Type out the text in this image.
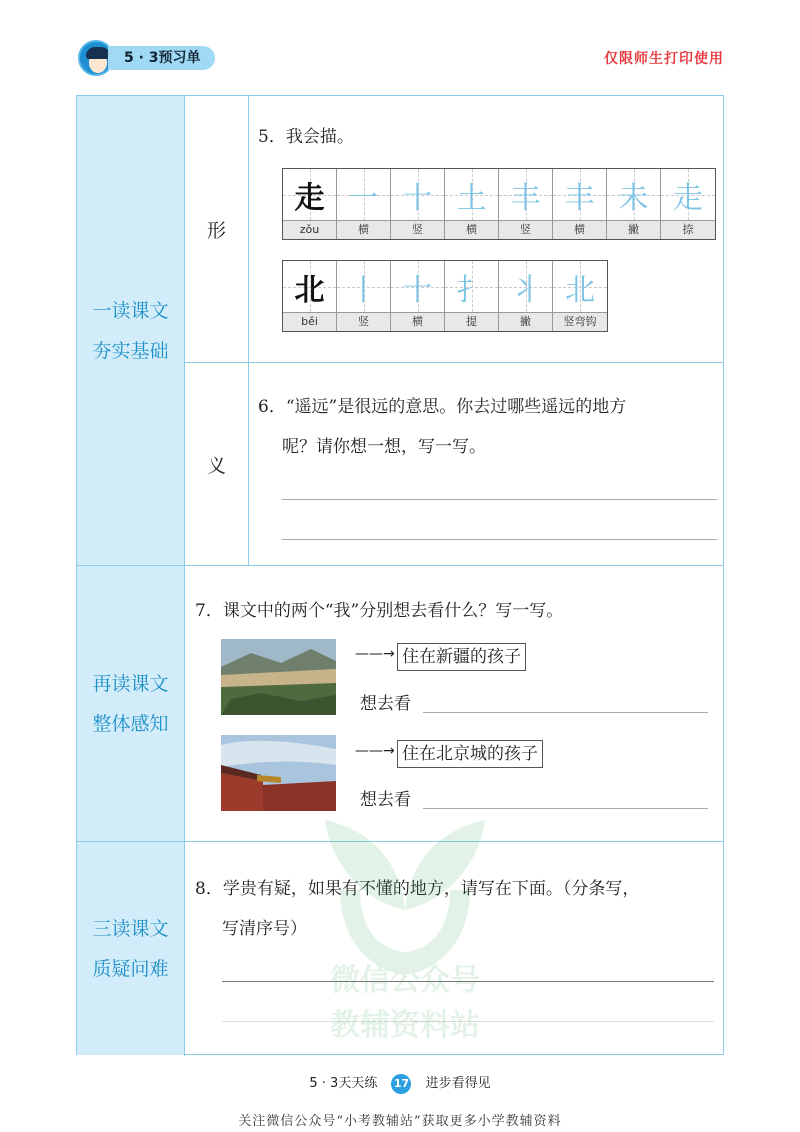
5 · 3预习单	仅限师生打印使用
一读课文
夯实基础
形
义
5．我会描。
走
zǒu
一
横
十
竖
土
横
丰
竖
丰
横
未
撇
走
捺
北
běi
丨
竖
十
横
扌
提
丬
撇
北
竖弯钩
6．“遥远”是很远的意思。你去过哪些遥远的地方
呢？请你想一想，写一写。
再读课文
整体感知
7．课文中的两个“我”分别想去看什么？写一写。
——→ 住在新疆的孩子
想去看
——→ 住在北京城的孩子
想去看
三读课文
质疑问难
8．学贵有疑，如果有不懂的地方，请写在下面。（分条写，
写清序号）
微信公众号
教辅资料站
5 · 3天天练 17 进步看得见
关注微信公众号“小考教辅站”获取更多小学教辅资料
